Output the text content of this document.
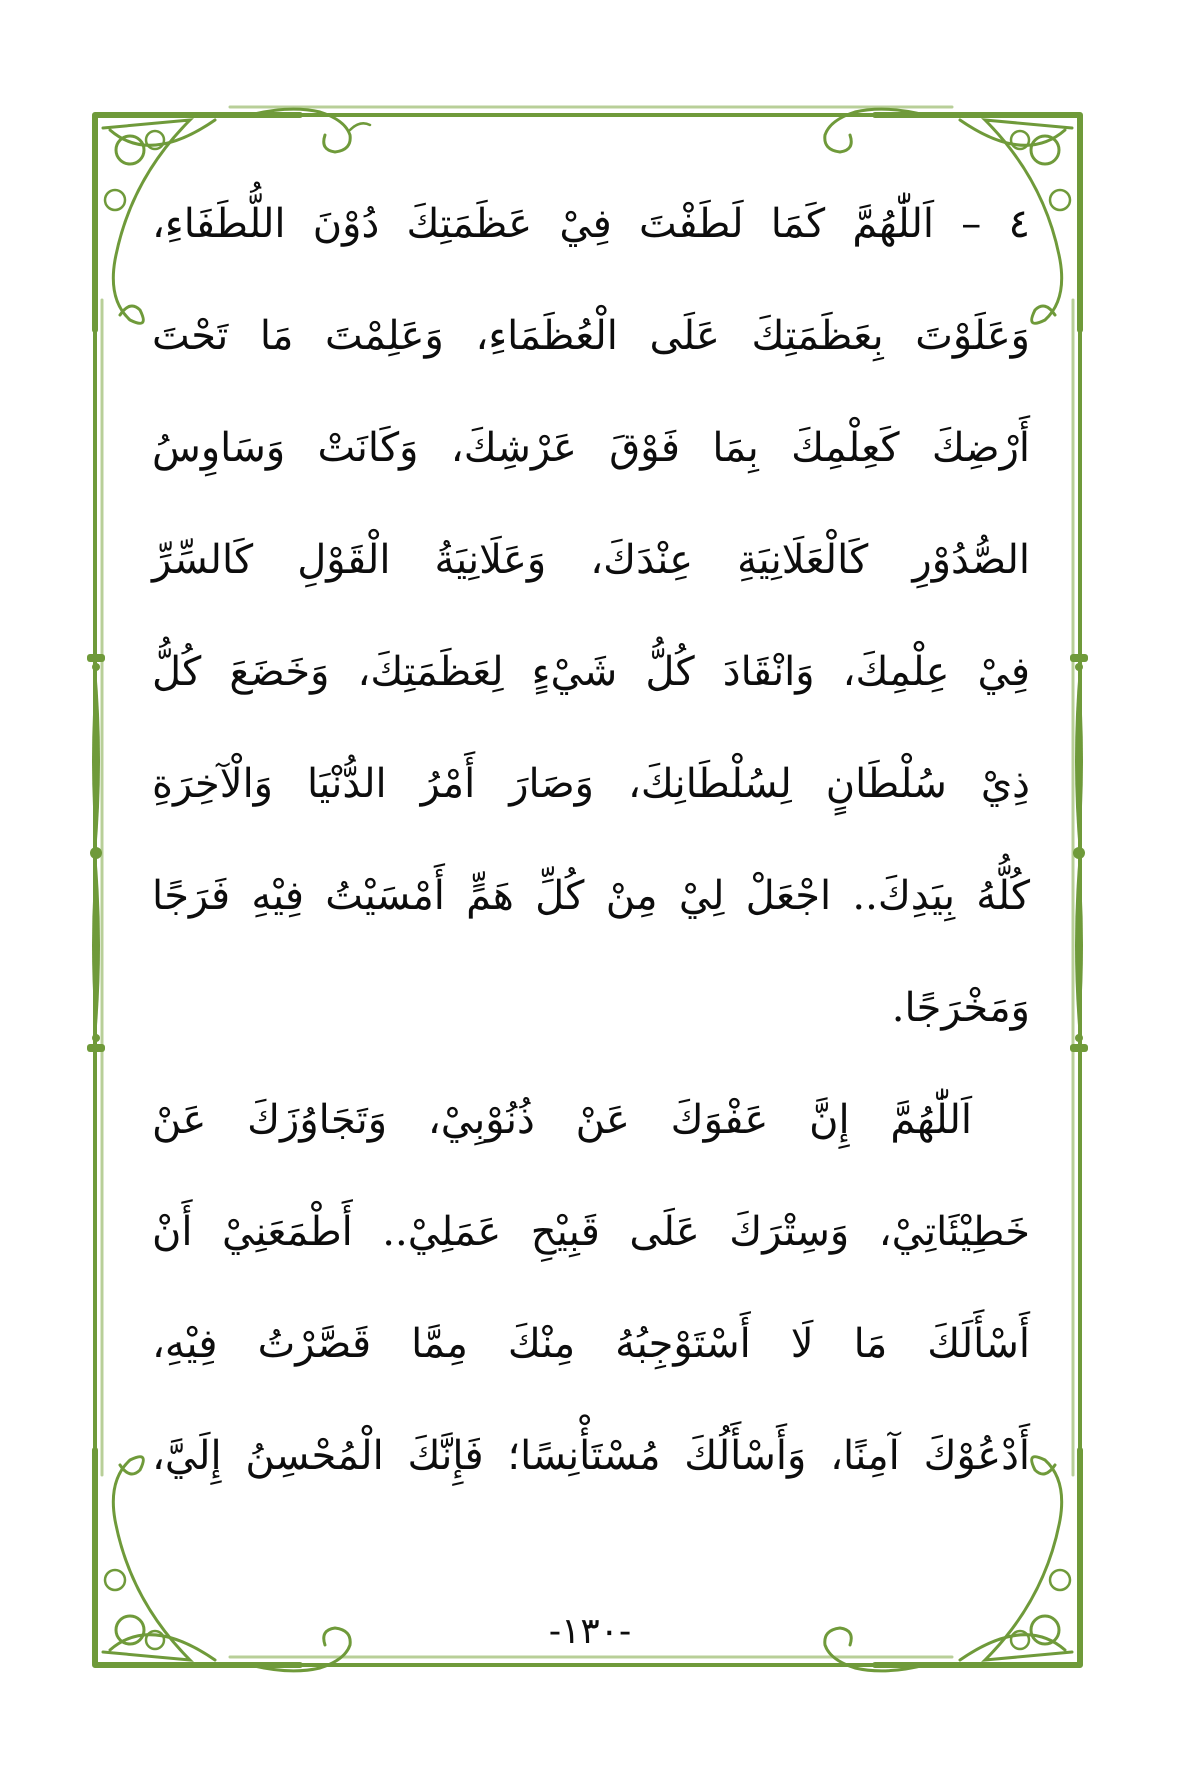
٤ – اَللّٰهُمَّ كَمَا لَطَفْتَ فِيْ عَظَمَتِكَ دُوْنَ اللُّطَفَاءِ،
وَعَلَوْتَ بِعَظَمَتِكَ عَلَى الْعُظَمَاءِ، وَعَلِمْتَ مَا تَحْتَ
أَرْضِكَ كَعِلْمِكَ بِمَا فَوْقَ عَرْشِكَ، وَكَانَتْ وَسَاوِسُ
الصُّدُوْرِ كَالْعَلَانِيَةِ عِنْدَكَ، وَعَلَانِيَةُ الْقَوْلِ كَالسِّرِّ
فِيْ عِلْمِكَ، وَانْقَادَ كُلُّ شَيْءٍ لِعَظَمَتِكَ، وَخَضَعَ كُلُّ
ذِيْ سُلْطَانٍ لِسُلْطَانِكَ، وَصَارَ أَمْرُ الدُّنْيَا وَالْآخِرَةِ
كُلُّهُ بِيَدِكَ.. اجْعَلْ لِيْ مِنْ كُلِّ هَمٍّ أَمْسَيْتُ فِيْهِ فَرَجًا
وَمَخْرَجًا.
اَللّٰهُمَّ إِنَّ عَفْوَكَ عَنْ ذُنُوْبِيْ، وَتَجَاوُزَكَ عَنْ
خَطِيْئَاتِيْ، وَسِتْرَكَ عَلَى قَبِيْحِ عَمَلِيْ.. أَطْمَعَنِيْ أَنْ
أَسْأَلَكَ مَا لَا أَسْتَوْجِبُهُ مِنْكَ مِمَّا قَصَّرْتُ فِيْهِ،
أَدْعُوْكَ آمِنًا، وَأَسْأَلُكَ مُسْتَأْنِسًا؛ فَإِنَّكَ الْمُحْسِنُ إِلَيَّ،
-١٣٠-
